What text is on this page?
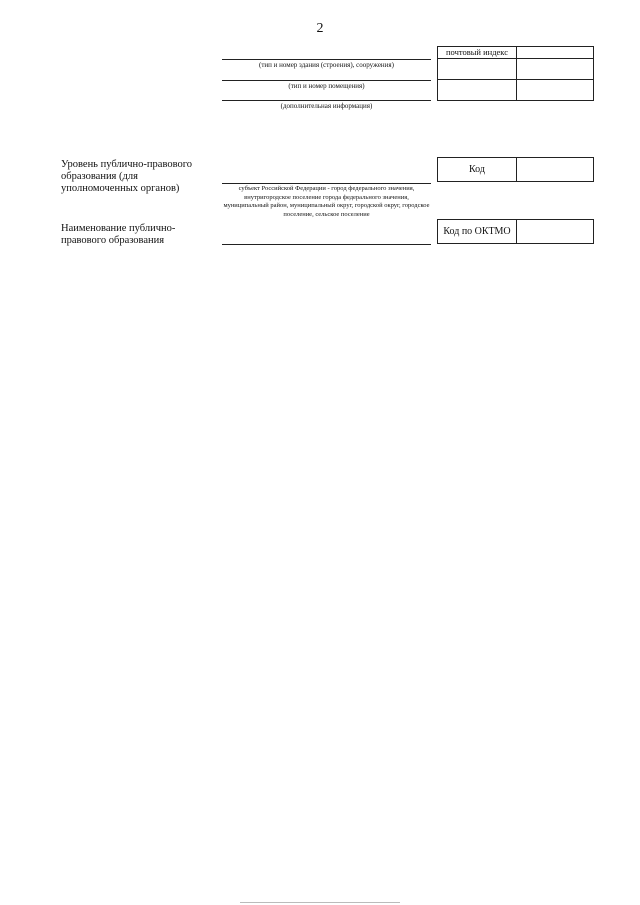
2
(тип и номер здания (строения), сооружения)
(тип и номер помещения)
(дополнительная информация)
почтовый индекс
Уровень публично-правового образования (для уполномоченных органов)	субъект Российской Федерации - город федерального значения, внутригородское поселение города федерального значения, муниципальный район, муниципальный округ, городской округ, городское поселение, сельское поселение
Код
Наименование публично-правового образования
Код по ОКТМО
